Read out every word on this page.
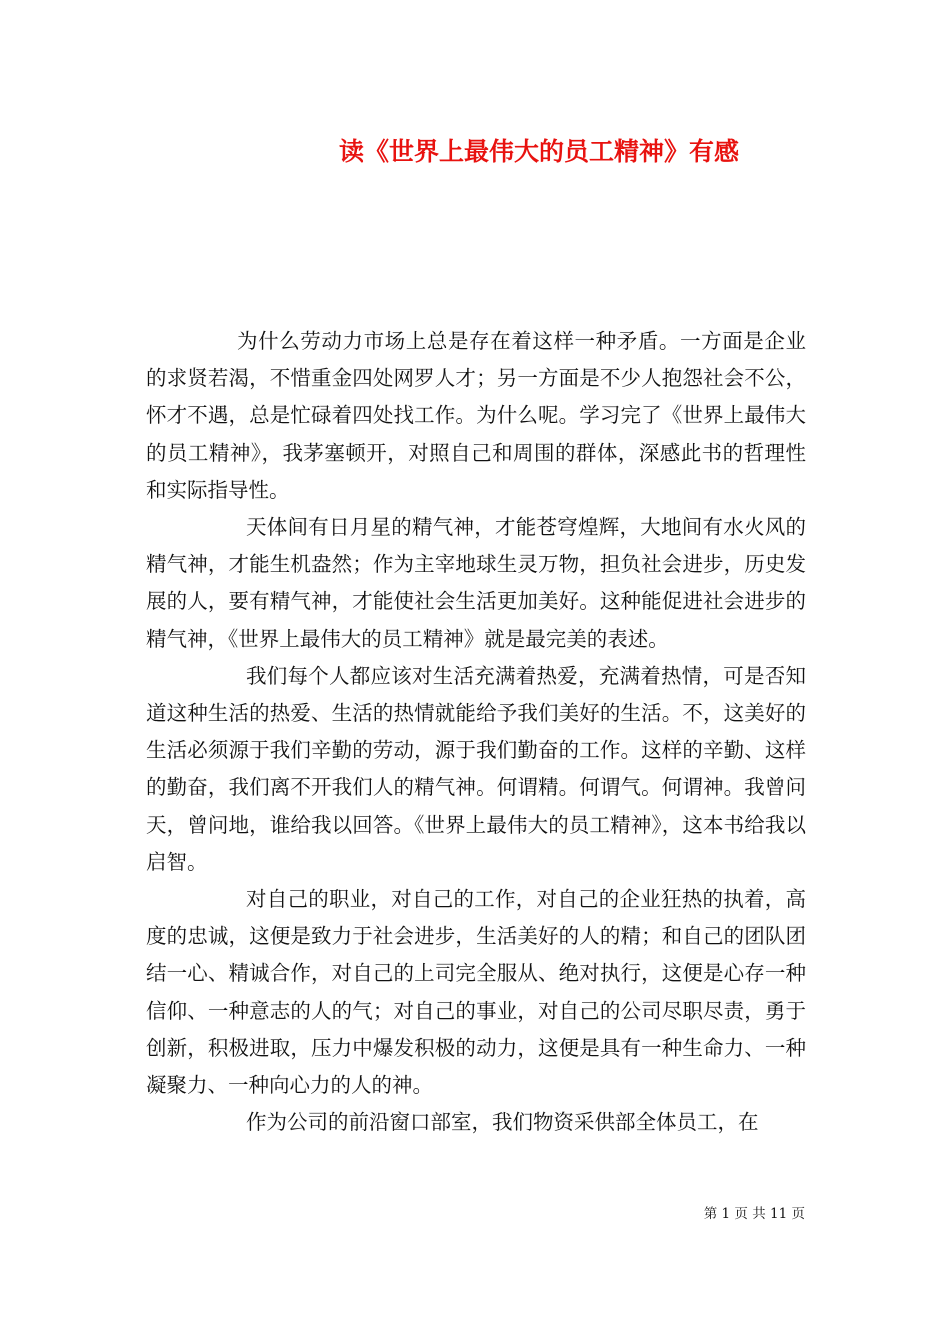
读《世界上最伟大的员工精神》有感

为什么劳动力市场上总是存在着这样一种矛盾。一方面是企业的求贤若渴，不惜重金四处网罗人才；另一方面是不少人抱怨社会不公，怀才不遇，总是忙碌着四处找工作。为什么呢。学习完了《世界上最伟大的员工精神》，我茅塞顿开，对照自己和周围的群体，深感此书的哲理性和实际指导性。

天体间有日月星的精气神，才能苍穹煌辉，大地间有水火风的精气神，才能生机盎然；作为主宰地球生灵万物，担负社会进步，历史发展的人，要有精气神，才能使社会生活更加美好。这种能促进社会进步的精气神，《世界上最伟大的员工精神》就是最完美的表述。

我们每个人都应该对生活充满着热爱，充满着热情，可是否知道这种生活的热爱、生活的热情就能给予我们美好的生活。不，这美好的生活必须源于我们辛勤的劳动，源于我们勤奋的工作。这样的辛勤、这样的勤奋，我们离不开我们人的精气神。何谓精。何谓气。何谓神。我曾问天，曾问地，谁给我以回答。《世界上最伟大的员工精神》，这本书给我以启智。

对自己的职业，对自己的工作，对自己的企业狂热的执着，高度的忠诚，这便是致力于社会进步，生活美好的人的精；和自己的团队团结一心、精诚合作，对自己的上司完全服从、绝对执行，这便是心存一种信仰、一种意志的人的气；对自己的事业，对自己的公司尽职尽责，勇于创新，积极进取，压力中爆发积极的动力，这便是具有一种生命力、一种凝聚力、一种向心力的人的神。

作为公司的前沿窗口部室，我们物资采供部全体员工，在

第 1 页 共 11 页
